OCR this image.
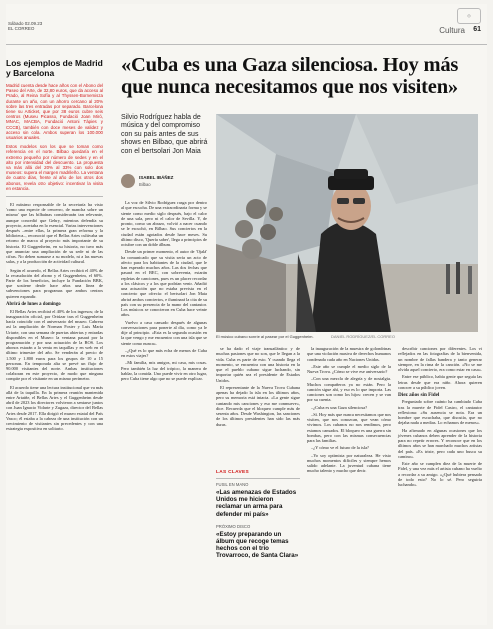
Sábado 02.09.23
EL CORREO
◎
Cultura 61
Los ejemplos de Madrid y Barcelona

Madrid cuenta desde hace años con el Abono del Paseo del Arte, de 32,80 euros, que da acceso al Prado, al Reina Sofía y al Thyssen-Bornemisza durante un año, con un ahorro cercano al 20% sobre las tres entradas por separado. Barcelona tiene su Articket, que por 38 euros cubre seis centros (Museu Picasso, Fundació Joan Miró, MNAC, MACBA, Fundació Antoni Tàpies y CCCB), también con doce meses de validez y acceso sin cola. Ambos superan los 100.000 usuarios anuales.

Estos modelos son los que se toman como referencia en el norte. Bilbao quedaría en el extremo pequeño por número de sedes y en el alto por intensidad del descuento. La propuesta va más allá del 20% al 33% con solo dos museos: supera el margen madrileño. La ventana de cuatro días, frente al año de los otros dos abonos, revela otro objetivo: incentivar la visita en estancia.

El máximo responsable de la secretaría ha visto 'como una especie de cencerro, de mancha sobre un mismo' que las bilbaínas considerarán tan relevante, aunque concedió que Gehry, mientras defendía su proyecto, acertaba en lo esencial. Varias intervenciones después –entre ellas, la primera gran reforma y la biblioteca–, reconoció que el Bellas Artes cultivaba un retorno de marca al proyecto más importante de su historia. El Guggenheim, en su historia, no tuvo más que anunciar una ampliación de su sede ni de las cifras. No deben sumarse a su modelo, ni a las nuevas salas, y a la producción de actividad cultural.

Según el acuerdo, el Bellas Artes recibirá el 40% de la recaudación del abono y el Guggenheim, el 60%. Parte de los beneficios, incluye la Fundación BBK, que sostiene desde hace años una línea de subvenciones para programas que ambos centros quieren expandir.

Abrirá de lunes a domingo

El Bellas Artes recibirá el 40% de los ingresos; de la inauguración oficial, por Ortúzar tras el Guggenheim hacía coincidir con el aniversario del museo. Cabrera así la ampliación de Norman Foster y Luis María Uriarte, con una semana de puertas abiertas y entradas disponibles en el Museo: la ventana pasará por la programación y por una actuación de la BOS. Los abonos estarán a la venta en taquillas y en web en el último trimestre del año. Se venderán al precio de 1.500 y 1.800 euros para los grupos de 10 a 15 personas. En temporada alta se prevé un flujo de 90.000 visitantes del norte. Ambas instituciones colaboran en este proyecto, de modo que ninguna compite por el visitante en un mismo perímetro.

El acuerdo tiene una lectura institucional que va más allá de la taquilla. En la primera reunión mantenida entre Artaiñe, el Bellas Artes y el Guggenheim desde abril de 2023 los directores volvieron a sentarse juntos con Juan Ignacio Vidarte y Zugaza, director del Bellas Artes desde 2017. Ella dirigió el museo estatal del País Vasco; él estaba a la cabeza de una institución con un crecimiento de visitantes sin precedentes y con una estrategia expositiva en solitario.

«Cuba es una Gaza silenciosa. Hoy más que nunca necesitamos que nos visiten»
Silvio Rodríguez habla de música y del compromiso con su país antes de sus shows en Bilbao, que abrirá con el bertsolari Jon Maia
ISABEL IBÁÑEZ
Bilbao
El músico cubano sonríe al pasear por el Guggenheim.	DANIEL RODRÍGUEZ/EL CORREO

La voz de Silvio Rodríguez rasga por dentro al que escucha. De una extraordinaria forma y se siente como medio siglo después, bajo el calor de una sala, pero ni el calor de Sevilla. Y, de pronto, como un abrazo, volvió a nacer cuando se le escuchó, en Bilbao. Sus conciertos en la ciudad están agotados desde hace meses. Su último disco, 'Quería saber', llega a principios de octubre con un doble álbum.

Desde un primer momento, el autor de 'Ojalá' ha comunicado que su visita sería un acto de afecto para los habitantes de la ciudad, que le han esperado muchos años. Las dos fechas que pasará en el BEC, con sobreventa, estarán repletas de canciones, pues es un placer recordar a los clásicos y a los que podrían venir. Añadió una actuación que no estaba prevista en el concierto que ofrecía: el bertsolari Jon Maia abrirá ambos conciertos, e iluminará la cita de su país con su presencia de la mano del cantautor. Los músicos se conocieron en Cuba hace veinte años.

Vuelvo a casa cansado después de algunas conversaciones para ponerte al día, como ya le dije al principio. «Esta es la segunda ocasión en la que vengo y me encuentro con una isla que se siente como nunca».

–¿Qué es lo que más echa de menos de Cuba en estos viajes?

–Mi familia, mis amigos, mi casa, mis cosas. Pero también la luz del trópico, la manera de hablar, la comida. Uno puede vivir en otro lugar, pero Cuba tiene algo que no se puede explicar.

se ha dado el viaje transatlántico y de muchas pasiones que no son, que le llegan a la vida. Cuba es parte de esto. Y cuando llega el momento, se encuentra con una historia en la que el pueblo cubano sigue luchando, sin importar quién sea el presidente de Estados Unidos.

El representante de la Nueva Trova Cubana apenas ha dejado la isla en los últimos años, pero su memoria está intacta. «La gente sigue cantando mis canciones y eso me conmueve», dice. Recuerda que el bloqueo cumple más de sesenta años. Desde Washington, las sanciones de los últimos presidentes han sido las más duras.

LAS CLAVES
FUSIL EN MANO
«Las amenazas de Estados Unidos me hicieron reclamar un arma para defender mi país»
PRÓXIMO DISCO
«Estoy preparando un álbum que recoge temas hechos con el trío Trovarroco, de Santa Clara»

la inauguración de la muestra de golondrinas que una violación masiva de derechos humanos condenada cada año en Naciones Unidas.

–Este año se cumple el medio siglo de la Nueva Trova. ¿Cómo se vive ese aniversario?

–Con una mezcla de alegría y de nostalgia. Muchos compañeros ya no están. Pero la canción sigue ahí, y eso es lo que importa. Las canciones son como los hijos: crecen y se van por su cuenta.

–¿Cuba es una Gaza silenciosa?

–Sí. Hoy más que nunca necesitamos que nos visiten, que nos conozcan, que vean cómo vivimos. Los cubanos no nos rendimos, pero estamos cansados. El bloqueo es una guerra sin bombas, pero con las mismas consecuencias para las familias.

–¿Y cómo ve el futuro de la isla?

–Yo soy optimista por naturaleza. He visto muchos momentos difíciles y siempre hemos salido adelante. La juventud cubana tiene mucho talento y mucho que decir.

describir canciones por diferentes. Los vi reflejados en las fotografías de la bienvenida, un nombre de fallas bandera y tanto generar siempre, en la rima de la canción. «No se me olvida aquel concierto, era como estar en casa».

Entre ese público, había gente que seguía las letras desde que era niño. Ahora quieren conocer a su público joven.

Diez años sin Fidel

Preguntado sobre cuánto ha cambiado Cuba tras la muerte de Fidel Castro, el cantautor reflexiona: «Su ausencia se nota. Era un hombre que escuchaba, que discutía, que no dejaba nada a medias. Lo echamos de menos».

Ha afirmado en algunas ocasiones que los jóvenes cubanos deben aprender de la historia para no repetir errores. Y reconoce que en los últimos años se han marchado muchos artistas del país. «Es triste, pero cada uno busca su camino».

Este año se cumplen diez de la muerte de Fidel, y una vez más el artista cubano ha vuelto a recordar a su amigo. «¿Qué hubiera pensado de todo esto? No lo sé. Pero seguiría luchando».
